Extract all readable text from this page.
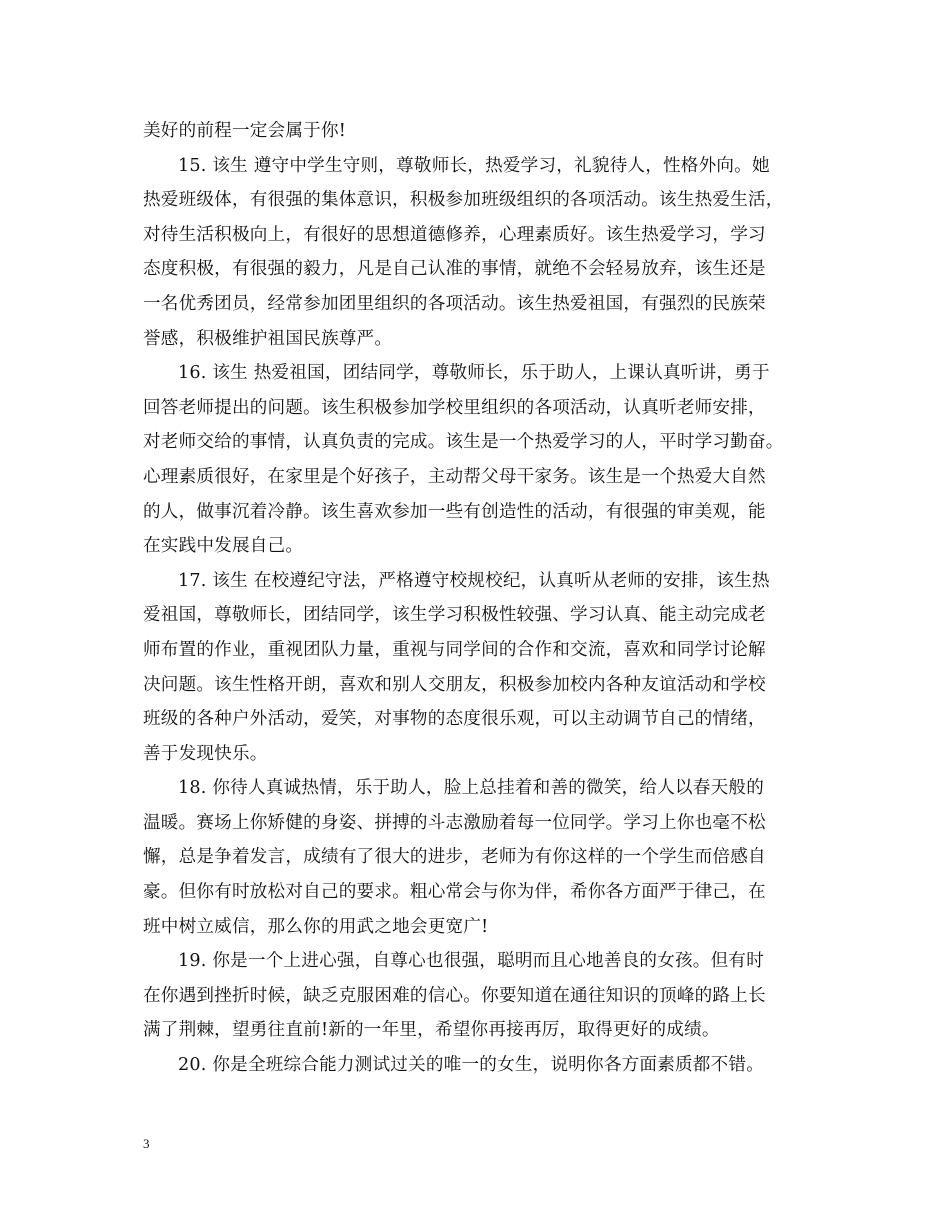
美好的前程一定会属于你!
15. 该生 遵守中学生守则，尊敬师长，热爱学习，礼貌待人，性格外向。她
热爱班级体，有很强的集体意识，积极参加班级组织的各项活动。该生热爱生活，
对待生活积极向上，有很好的思想道德修养，心理素质好。该生热爱学习，学习
态度积极，有很强的毅力，凡是自己认准的事情，就绝不会轻易放弃，该生还是
一名优秀团员，经常参加团里组织的各项活动。该生热爱祖国，有强烈的民族荣
誉感，积极维护祖国民族尊严。
16. 该生 热爱祖国，团结同学，尊敬师长，乐于助人，上课认真听讲，勇于
回答老师提出的问题。该生积极参加学校里组织的各项活动，认真听老师安排，
对老师交给的事情，认真负责的完成。该生是一个热爱学习的人，平时学习勤奋。
心理素质很好，在家里是个好孩子，主动帮父母干家务。该生是一个热爱大自然
的人，做事沉着冷静。该生喜欢参加一些有创造性的活动，有很强的审美观，能
在实践中发展自己。
17. 该生 在校遵纪守法，严格遵守校规校纪，认真听从老师的安排，该生热
爱祖国，尊敬师长，团结同学，该生学习积极性较强、学习认真、能主动完成老
师布置的作业，重视团队力量，重视与同学间的合作和交流，喜欢和同学讨论解
决问题。该生性格开朗，喜欢和别人交朋友，积极参加校内各种友谊活动和学校
班级的各种户外活动，爱笑，对事物的态度很乐观，可以主动调节自己的情绪，
善于发现快乐。
18. 你待人真诚热情，乐于助人，脸上总挂着和善的微笑，给人以春天般的
温暖。赛场上你矫健的身姿、拼搏的斗志激励着每一位同学。学习上你也毫不松
懈，总是争着发言，成绩有了很大的进步，老师为有你这样的一个学生而倍感自
豪。但你有时放松对自己的要求。粗心常会与你为伴，希你各方面严于律己，在
班中树立威信，那么你的用武之地会更宽广!
19. 你是一个上进心强，自尊心也很强，聪明而且心地善良的女孩。但有时
在你遇到挫折时候，缺乏克服困难的信心。你要知道在通往知识的顶峰的路上长
满了荆棘，望勇往直前!新的一年里，希望你再接再厉，取得更好的成绩。
20. 你是全班综合能力测试过关的唯一的女生，说明你各方面素质都不错。
3
